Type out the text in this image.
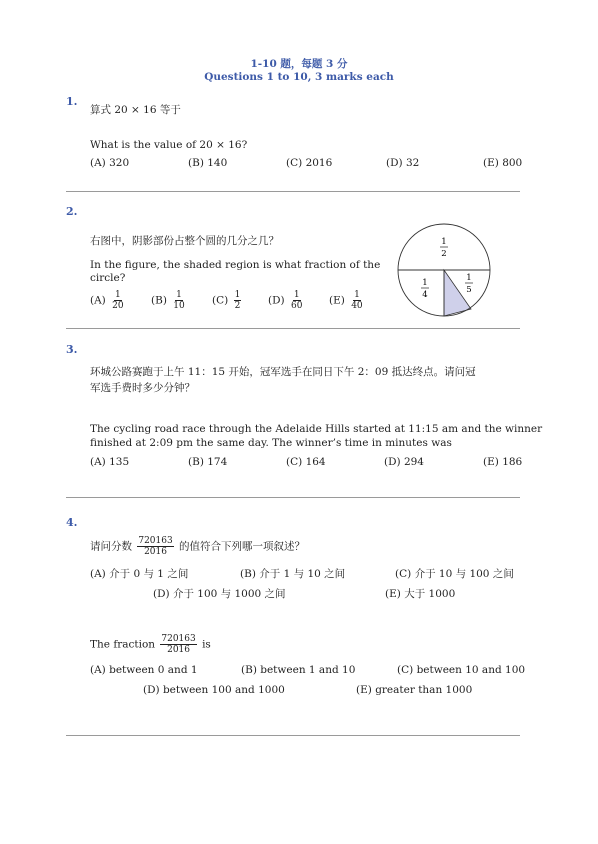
1-10 题，每题 3 分
Questions 1 to 10, 3 marks each
1.
算式 20 × 16 等于
What is the value of 20 × 16?
(A) 320	(B) 140	(C) 2016	(D) 32	(E) 800
2.
右图中，阴影部份占整个圆的几分之几？
In the figure, the shaded region is what fraction of the
circle?
$(A) \frac{1}{20}$	$(B) \frac{1}{10}$	$(C) \frac{1}{2}$	$(D) \frac{1}{60} (E) \frac{1}{40}$
1
2
1
4
1
5
3.
环城公路赛跑于上午 11：15 开始，冠军选手在同日下午 2：09 抵达终点。请问冠
军选手费时多少分钟？
The cycling road race through the Adelaide Hills started at 11:15 am and the winner
finished at 2:09 pm the same day. The winner’s time in minutes was
(A) 135	(B) 174	(C) 164	(D) 294	(E) 186
4.
请问分数 $\frac{720163}{2016}$ 的值符合下列哪一项叙述？
(A) 介于 0 与 1 之间	(B) 介于 1 与 10 之间	(C) 介于 10 与 100 之间
(D) 介于 100 与 1000 之间	(E) 大于 1000
The fraction $\frac{720163}{2016}$ is
(A) between 0 and 1	(B) between 1 and 10	(C) between 10 and 100
(D) between 100 and 1000	(E) greater than 1000
